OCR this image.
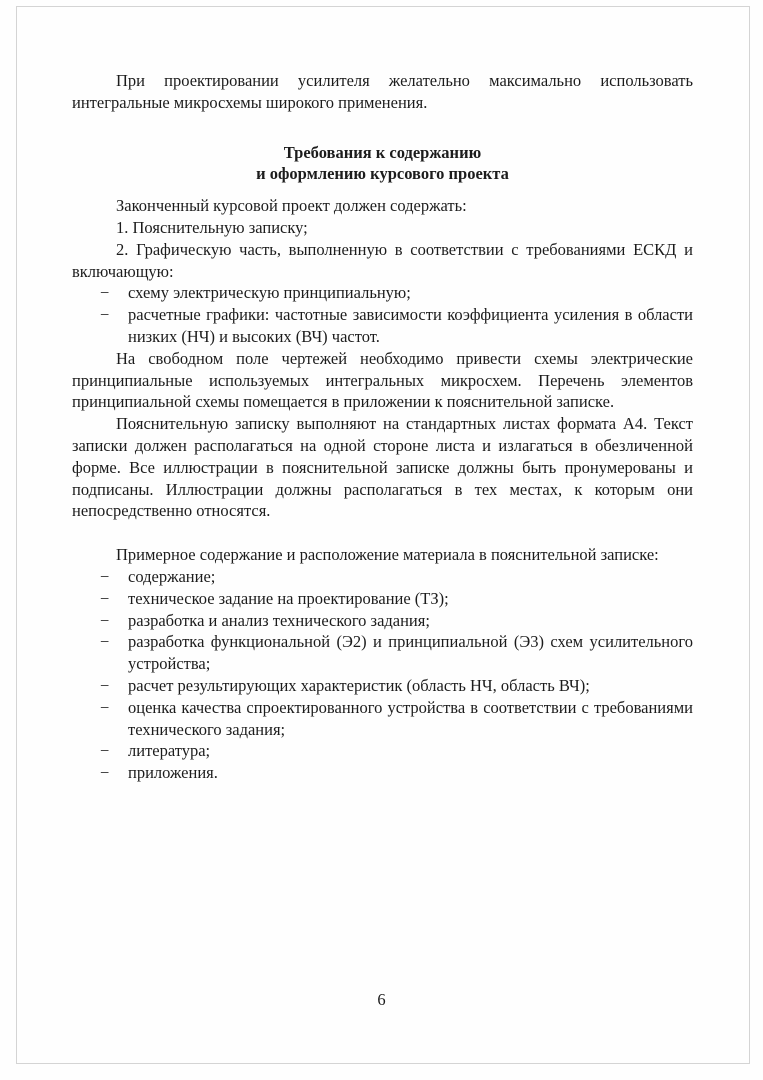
При проектировании усилителя желательно максимально использовать интегральные микросхемы широкого применения.

Требования к содержанию
и оформлению курсового проекта

Законченный курсовой проект должен содержать:

1. Пояснительную записку;

2. Графическую часть, выполненную в соответствии с требованиями ЕСКД и включающую:

− схему электрическую принципиальную;
− расчетные графики: частотные зависимости коэффициента усиления в области низких (НЧ) и высоких (ВЧ) частот.

На свободном поле чертежей необходимо привести схемы электрические принципиальные используемых интегральных микросхем. Перечень элементов принципиальной схемы помещается в приложении к пояснительной записке.

Пояснительную записку выполняют на стандартных листах формата А4. Текст записки должен располагаться на одной стороне листа и излагаться в обезличенной форме. Все иллюстрации в пояснительной записке должны быть пронумерованы и подписаны. Иллюстрации должны располагаться в тех местах, к которым они непосредственно относятся.

Примерное содержание и расположение материала в пояснительной записке:

− содержание;
− техническое задание на проектирование (ТЗ);
− разработка и анализ технического задания;
− разработка функциональной (Э2) и принципиальной (Э3) схем усилительного устройства;
− расчет результирующих характеристик (область НЧ, область ВЧ);
− оценка качества спроектированного устройства в соответствии с требованиями технического задания;
− литература;
− приложения.
6
